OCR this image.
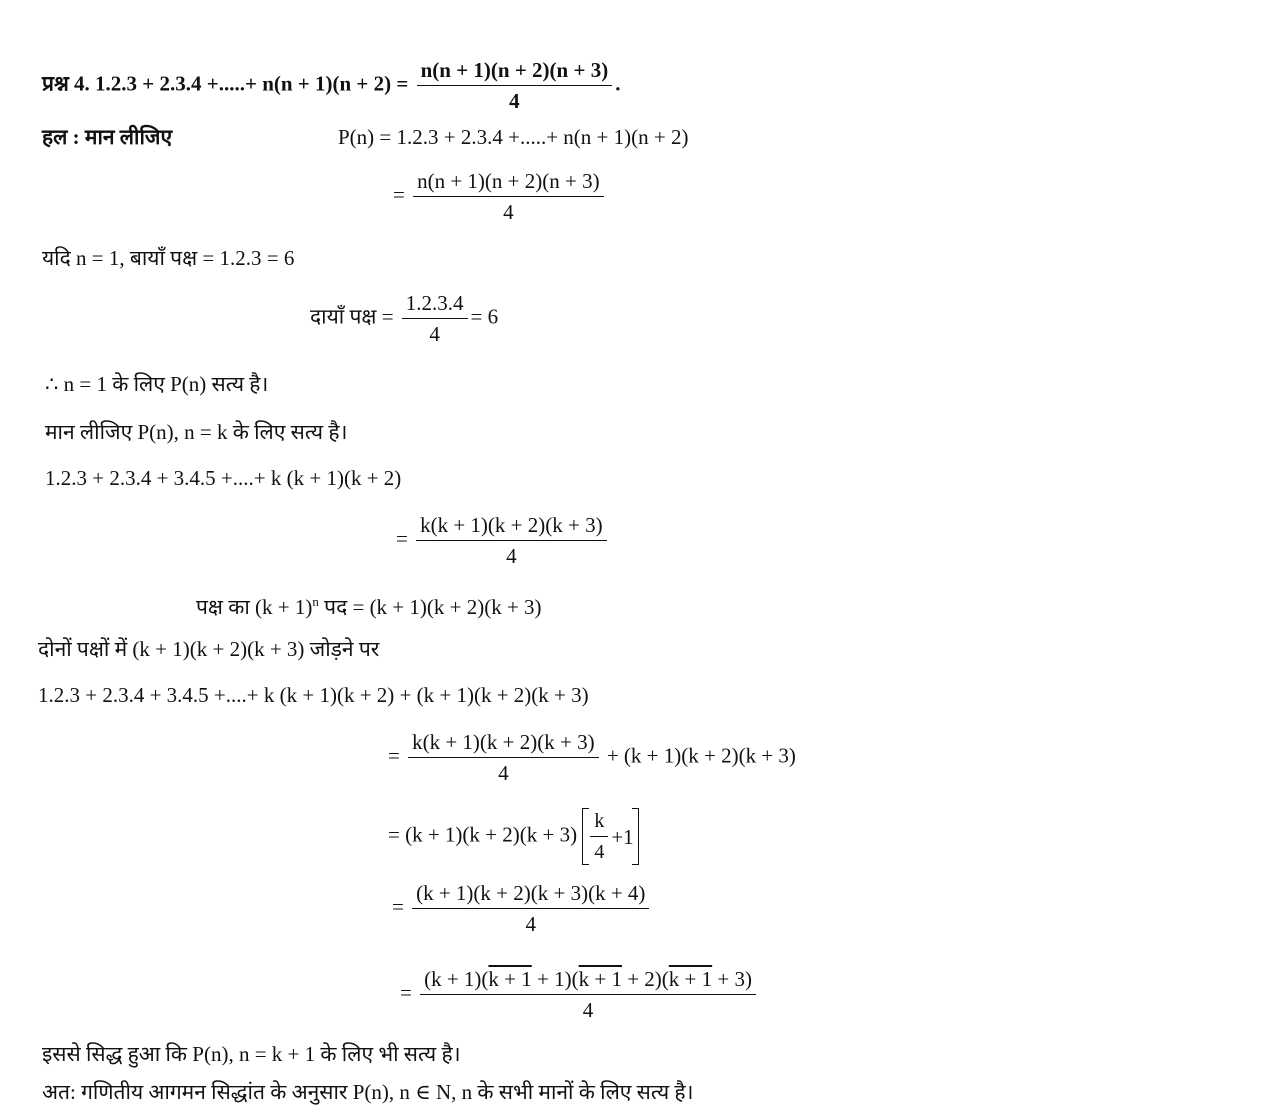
प्रश्न 4. 1.2.3 + 2.3.4 +.....+ $n(n + 1)(n + 2) = \frac{n(n + 1)(n + 2)(n + 3)}{4}$ .
हल : मान लीजिए	P(n) = 1.2.3 + 2.3.4 +.....+ n(n + 1)(n + 2)
= $\frac{n(n + 1)(n + 2)(n + 3)}{4}$
यदि n = 1, बायाँ पक्ष = 1.2.3 = 6
दायाँ पक्ष = $\frac{1.2.3.4}{4} = 6$
∴ n = 1 के लिए P(n) सत्य है।
मान लीजिए P(n), n = k के लिए सत्य है।
1.2.3 + 2.3.4 + 3.4.5 +....+ k (k + 1)(k + 2)
= $\frac{k(k + 1)(k + 2)(k + 3)}{4}$
पक्ष का $(k + 1)^n$ पद = (k + 1)(k + 2)(k + 3)
दोनों पक्षों में (k + 1)(k + 2)(k + 3) जोड़ने पर
1.2.3 + 2.3.4 + 3.4.5 +....+ k (k + 1)(k + 2) + (k + 1)(k + 2)(k + 3)
= $\frac{k(k + 1)(k + 2)(k + 3)}{4} + (k + 1)(k + 2)(k + 3)$
= $(k + 1)(k + 2)(k + 3) \frac{k}{4} +1$
= $\frac{(k + 1)(k + 2)(k + 3)(k + 4)}{4}$
= $\frac{(k + 1)(k + 1 + 1)(k + 1 + 2)(k + 1 + 3)}{4}$
इससे सिद्ध हुआ कि P(n), n = k + 1 के लिए भी सत्य है।
अत: गणितीय आगमन सिद्धांत के अनुसार P(n), n ∈ N, n के सभी मानों के लिए सत्य है।
